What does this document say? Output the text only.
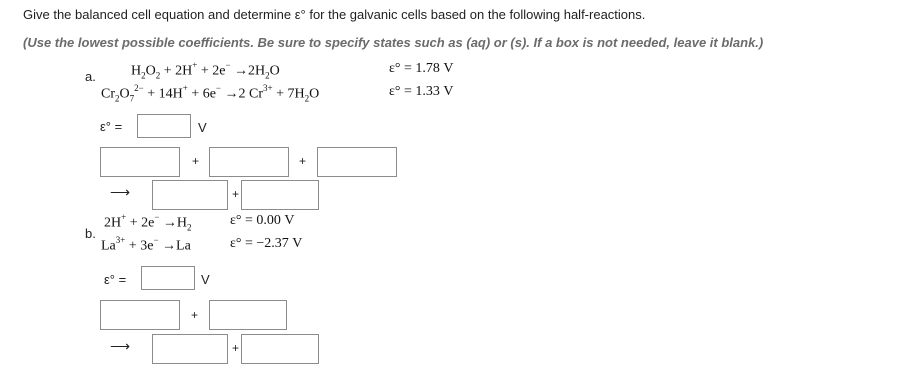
Give the balanced cell equation and determine ε° for the galvanic cells based on the following half-reactions.
(Use the lowest possible coefficients. Be sure to specify states such as (aq) or (s). If a box is not needed, leave it blank.)
a.	$H_2O_2 + 2H^+ + 2e^- \to 2H_2O$	ε° = 1.78 V
$Cr_2O_7^{2-} + 14H^+ + 6e^- \to 2$ $Cr^{3+} + 7H_2O$	ε° = 1.33 V
ε° =	V
+	+
⟶	+
b.
$2H^+ + 2e^- \to H_2$	ε° = 0.00 V
$La^{3+} + 3e^- \to La$	ε° = −2.37 V
ε° =	V
+
⟶	+
